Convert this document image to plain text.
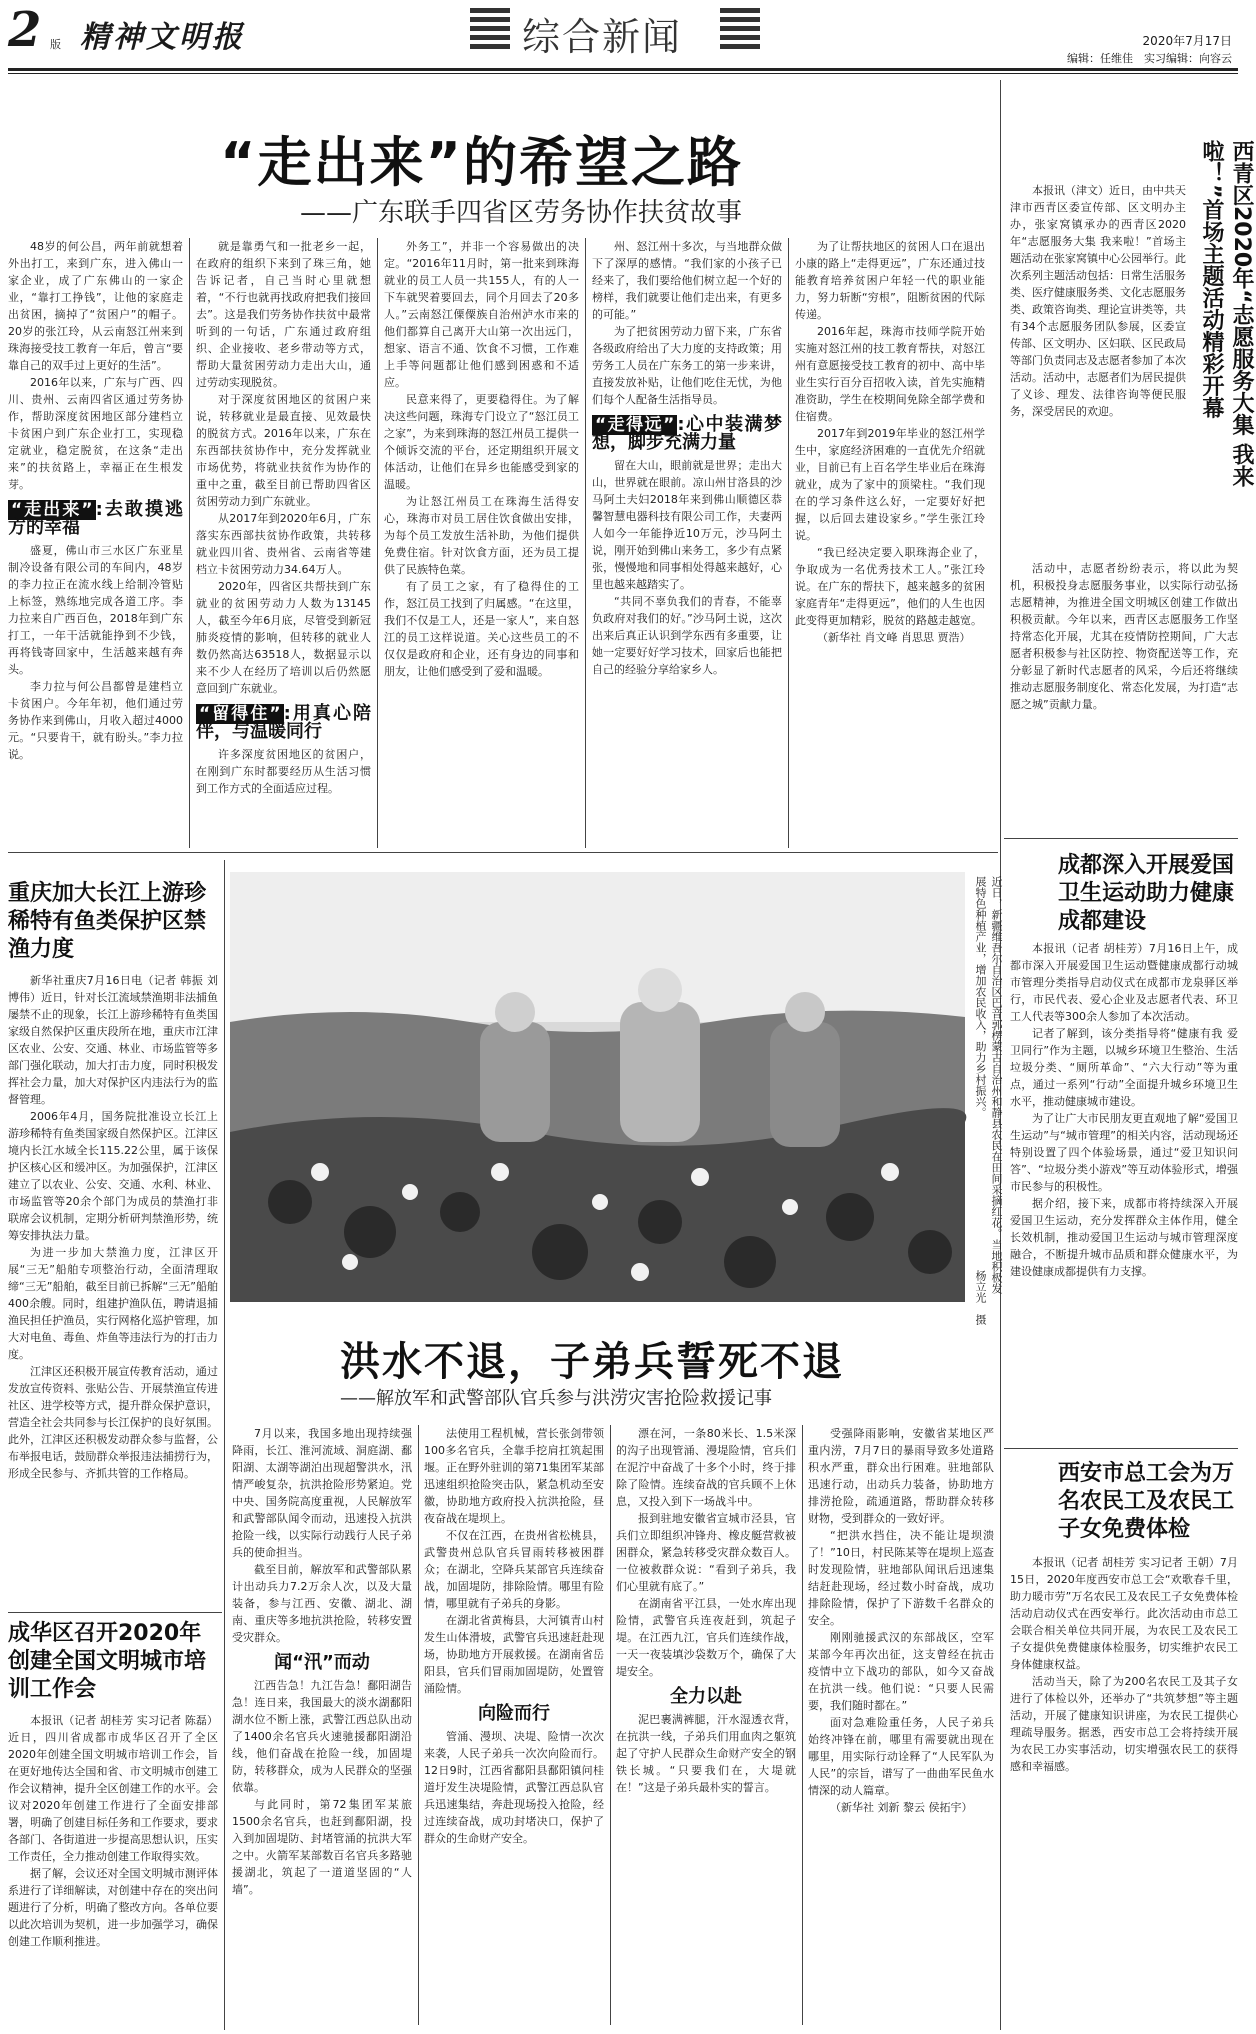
2 版 精神文明报	综合新闻	2020年7月17日
编辑：任维佳　实习编辑：向容云
“走出来”的希望之路
——广东联手四省区劳务协作扶贫故事

48岁的何公昌，两年前就想着外出打工，来到广东，进入佛山一家企业，成了广东佛山的一家企业，“靠打工挣钱”，让他的家庭走出贫困，摘掉了“贫困户”的帽子。20岁的张江玲，从云南怒江州来到珠海接受技工教育一年后，曾言“要靠自己的双手过上更好的生活”。

2016年以来，广东与广西、四川、贵州、云南四省区通过劳务协作，帮助深度贫困地区部分建档立卡贫困户到广东企业打工，实现稳定就业，稳定脱贫，在这条“走出来”的扶贫路上，幸福正在生根发芽。

“走出来” :去敢摸逃方的幸福

盛夏，佛山市三水区广东亚星制冷设备有限公司的车间内，48岁的李力拉正在流水线上给制冷管贴上标签，熟练地完成各道工序。李力拉来自广西百色，2018年到广东打工，一年干活就能挣到不少钱，再将钱寄回家中，生活越来越有奔头。

李力拉与何公昌都曾是建档立卡贫困户。今年年初，他们通过劳务协作来到佛山，月收入超过4000元。“只要肯干，就有盼头。”李力拉说。

就是靠勇气和一批老乡一起，在政府的组织下来到了珠三角，她告诉记者，自己当时心里就想着，“不行也就再找政府把我们接回去”。这是我们劳务协作扶贫中最常听到的一句话，广东通过政府组织、企业接收、老乡带动等方式，帮助大量贫困劳动力走出大山，通过劳动实现脱贫。

对于深度贫困地区的贫困户来说，转移就业是最直接、见效最快的脱贫方式。2016年以来，广东在东西部扶贫协作中，充分发挥就业市场优势，将就业扶贫作为协作的重中之重，截至目前已帮助四省区贫困劳动力到广东就业。

从2017年到2020年6月，广东落实东西部扶贫协作政策，共转移就业四川省、贵州省、云南省等建档立卡贫困劳动力34.64万人。

2020年，四省区共帮扶到广东就业的贫困劳动力人数为13145人，截至今年6月底，尽管受到新冠肺炎疫情的影响，但转移的就业人数仍然高达63518人，数据显示以来不少人在经历了培训以后仍然愿意回到广东就业。

“留得住” :用真心陪伴，与温暖同行

许多深度贫困地区的贫困户，在刚到广东时都要经历从生活习惯到工作方式的全面适应过程。

外务工”，并非一个容易做出的决定。“2016年11月时，第一批来到珠海就业的员工人员一共155人，有的人一下车就哭着要回去，同个月回去了20多人。”云南怒江傈僳族自治州泸水市来的他们都算自己离开大山第一次出远门，想家、语言不通、饮食不习惯，工作难上手等问题都让他们感到困惑和不适应。

民意来得了，更要稳得住。为了解决这些问题，珠海专门设立了“怒江员工之家”，为来到珠海的怒江州员工提供一个倾诉交流的平台，还定期组织开展文体活动，让他们在异乡也能感受到家的温暖。

为让怒江州员工在珠海生活得安心，珠海市对员工居住饮食做出安排，为每个员工发放生活补助，为他们提供免费住宿。针对饮食方面，还为员工提供了民族特色菜。

有了员工之家，有了稳得住的工作，怒江员工找到了归属感。“在这里，我们不仅是工人，还是一家人”，来自怒江的员工这样说道。关心这些员工的不仅仅是政府和企业，还有身边的同事和朋友，让他们感受到了爱和温暖。

州、怒江州十多次，与当地群众做下了深厚的感情。“我们家的小孩子已经来了，我们要给他们树立起一个好的榜样，我们就要让他们走出来，有更多的可能。”

为了把贫困劳动力留下来，广东省各级政府给出了大力度的支持政策；用劳务工人员在广东务工的第一步来讲，直接发放补贴，让他们吃住无忧，为他们每个人配备生活指导员。

“走得远” :心中装满梦想，脚步充满力量

留在大山，眼前就是世界；走出大山，世界就在眼前。凉山州甘洛县的沙马阿土夫妇2018年来到佛山顺德区恭馨智慧电器科技有限公司工作，夫妻两人如今一年能挣近10万元，沙马阿土说，刚开始到佛山来务工，多少有点紧张，慢慢地和同事相处得越来越好，心里也越来越踏实了。

“共同不辜负我们的青春，不能辜负政府对我们的好。”沙马阿土说，这次出来后真正认识到学东西有多重要，让她一定要好好学习技术，回家后也能把自己的经验分享给家乡人。

为了让帮扶地区的贫困人口在退出小康的路上“走得更远”，广东还通过技能教育培养贫困户年轻一代的职业能力，努力斩断“穷根”，阻断贫困的代际传递。

2016年起，珠海市技师学院开始实施对怒江州的技工教育帮扶，对怒江州有意愿接受技工教育的初中、高中毕业生实行百分百招收入读，首先实施精准资助，学生在校期间免除全部学费和住宿费。

2017年到2019年毕业的怒江州学生中，家庭经济困难的一直优先介绍就业，目前已有上百名学生毕业后在珠海就业，成为了家中的顶梁柱。“我们现在的学习条件这么好，一定要好好把握，以后回去建设家乡。”学生张江玲说。

“我已经决定要入职珠海企业了，争取成为一名优秀技术工人。”张江玲说。在广东的帮扶下，越来越多的贫困家庭青年“走得更远”，他们的人生也因此变得更加精彩，脱贫的路越走越宽。

（新华社 肖文峰 肖思思 贾浩）

西青区2020年“志愿服务大集 我来啦！”首场主题活动精彩开幕

本报讯（津文）近日，由中共天津市西青区委宣传部、区文明办主办，张家窝镇承办的西青区2020年“志愿服务大集 我来啦！”首场主题活动在张家窝镇中心公园举行。此次系列主题活动包括：日常生活服务类、医疗健康服务类、文化志愿服务类、政策咨询类、理论宣讲类等，共有34个志愿服务团队参展，区委宣传部、区文明办、区妇联、区民政局等部门负责同志及志愿者参加了本次活动。活动中，志愿者们为居民提供了义诊、理发、法律咨询等便民服务，深受居民的欢迎。

活动中，志愿者纷纷表示，将以此为契机，积极投身志愿服务事业，以实际行动弘扬志愿精神，为推进全国文明城区创建工作做出积极贡献。今年以来，西青区志愿服务工作坚持常态化开展，尤其在疫情防控期间，广大志愿者积极参与社区防控、物资配送等工作，充分彰显了新时代志愿者的风采，今后还将继续推动志愿服务制度化、常态化发展，为打造“志愿之城”贡献力量。

重庆加大长江上游珍稀特有鱼类保护区禁渔力度

新华社重庆7月16日电（记者 韩振 刘博伟）近日，针对长江流域禁渔期非法捕鱼屡禁不止的现象，长江上游珍稀特有鱼类国家级自然保护区重庆段所在地，重庆市江津区农业、公安、交通、林业、市场监管等多部门强化联动，加大打击力度，同时积极发挥社会力量，加大对保护区内违法行为的监督管理。

2006年4月，国务院批准设立长江上游珍稀特有鱼类国家级自然保护区。江津区境内长江水域全长115.22公里，属于该保护区核心区和缓冲区。为加强保护，江津区建立了以农业、公安、交通、水利、林业、市场监管等20余个部门为成员的禁渔打非联席会议机制，定期分析研判禁渔形势，统筹安排执法力量。

为进一步加大禁渔力度，江津区开展“三无”船舶专项整治行动，全面清理取缔“三无”船舶，截至目前已拆解“三无”船舶400余艘。同时，组建护渔队伍，聘请退捕渔民担任护渔员，实行网格化巡护管理，加大对电鱼、毒鱼、炸鱼等违法行为的打击力度。

江津区还积极开展宣传教育活动，通过发放宣传资料、张贴公告、开展禁渔宣传进社区、进学校等方式，提升群众保护意识，营造全社会共同参与长江保护的良好氛围。此外，江津区还积极发动群众参与监督，公布举报电话，鼓励群众举报违法捕捞行为，形成全民参与、齐抓共管的工作格局。

近日，新疆维吾尔自治区巴音郭楞蒙古自治州和静县农民在田间采摘红花。当地积极发展特色种植产业，增加农民收入，助力乡村振兴。
杨立光　摄
洪水不退，子弟兵誓死不退
——解放军和武警部队官兵参与洪涝灾害抢险救援记事

7月以来，我国多地出现持续强降雨，长江、淮河流域、洞庭湖、鄱阳湖、太湖等湖泊出现超警洪水，汛情严峻复杂，抗洪抢险形势紧迫。党中央、国务院高度重视，人民解放军和武警部队闻令而动，迅速投入抗洪抢险一线，以实际行动践行人民子弟兵的使命担当。

截至目前，解放军和武警部队累计出动兵力7.2万余人次，以及大量装备，参与江西、安徽、湖北、湖南、重庆等多地抗洪抢险，转移安置受灾群众。

闻“汛”而动

江西告急！九江告急！鄱阳湖告急！连日来，我国最大的淡水湖鄱阳湖水位不断上涨，武警江西总队出动了1400余名官兵火速驰援鄱阳湖沿线，他们奋战在抢险一线，加固堤防，转移群众，成为人民群众的坚强依靠。

与此同时，第72集团军某旅1500余名官兵，也赶到鄱阳湖，投入到加固堤防、封堵管涌的抗洪大军之中。火箭军某部数百名官兵多路驰援湖北，筑起了一道道坚固的“人墙”。

法使用工程机械，营长张剑带领100多名官兵，全靠手挖肩扛筑起围堰。正在野外驻训的第71集团军某部迅速组织抢险突击队，紧急机动至安徽，协助地方政府投入抗洪抢险，昼夜奋战在堤坝上。

不仅在江西，在贵州省松桃县，武警贵州总队官兵冒雨转移被困群众；在湖北，空降兵某部官兵连续奋战，加固堤防，排除险情。哪里有险情，哪里就有子弟兵的身影。

在湖北省黄梅县，大河镇青山村发生山体滑坡，武警官兵迅速赶赴现场，协助地方开展救援。在湖南省岳阳县，官兵们冒雨加固堤防，处置管涌险情。

向险而行

管涌、漫坝、决堤、险情一次次来袭，人民子弟兵一次次向险而行。12日9时，江西省鄱阳县鄱阳镇问桂道圩发生决堤险情，武警江西总队官兵迅速集结，奔赴现场投入抢险，经过连续奋战，成功封堵决口，保护了群众的生命财产安全。

漂在河，一条80米长、1.5米深的沟子出现管涌、漫堤险情，官兵们在泥泞中奋战了十多个小时，终于排除了险情。连续奋战的官兵顾不上休息，又投入到下一场战斗中。

报到驻地安徽省宣城市泾县，官兵们立即组织冲锋舟、橡皮艇营救被困群众，紧急转移受灾群众数百人。一位被救群众说：“看到子弟兵，我们心里就有底了。”

在湖南省平江县，一处水库出现险情，武警官兵连夜赶到，筑起子堤。在江西九江，官兵们连续作战，一天一夜装填沙袋数万个，确保了大堤安全。

全力以赴

泥巴裹满裤腿，汗水湿透衣背，在抗洪一线，子弟兵们用血肉之躯筑起了守护人民群众生命财产安全的钢铁长城。“只要我们在，大堤就在！”这是子弟兵最朴实的誓言。

受强降雨影响，安徽省某地区严重内涝，7月7日的暴雨导致多处道路积水严重，群众出行困难。驻地部队迅速行动，出动兵力装备，协助地方排涝抢险，疏通道路，帮助群众转移财物，受到群众的一致好评。

“把洪水挡住，决不能让堤坝溃了！”10日，村民陈某等在堤坝上巡查时发现险情，驻地部队闻讯后迅速集结赶赴现场，经过数小时奋战，成功排除险情，保护了下游数千名群众的安全。

刚刚驰援武汉的东部战区，空军某部今年再次出征，这支曾经在抗击疫情中立下战功的部队，如今又奋战在抗洪一线。他们说：“只要人民需要，我们随时都在。”

面对急难险重任务，人民子弟兵始终冲锋在前，哪里有需要就出现在哪里，用实际行动诠释了“人民军队为人民”的宗旨，谱写了一曲曲军民鱼水情深的动人篇章。

（新华社 刘新 黎云 侯拓宇）

成华区召开2020年创建全国文明城市培训工作会

本报讯（记者 胡桂芳 实习记者 陈磊）近日，四川省成都市成华区召开了全区2020年创建全国文明城市培训工作会，旨在更好地传达全国和省、市文明城市创建工作会议精神，提升全区创建工作的水平。会议对2020年创建工作进行了全面安排部署，明确了创建目标任务和工作要求，要求各部门、各街道进一步提高思想认识，压实工作责任，全力推动创建工作取得实效。

据了解，会议还对全国文明城市测评体系进行了详细解读，对创建中存在的突出问题进行了分析，明确了整改方向。各单位要以此次培训为契机，进一步加强学习，确保创建工作顺利推进。

成都深入开展爱国卫生运动助力健康成都建设

本报讯（记者 胡桂芳）7月16日上午，成都市深入开展爱国卫生运动暨健康成都行动城市管理分类指导启动仪式在成都市龙泉驿区举行，市民代表、爱心企业及志愿者代表、环卫工人代表等300余人参加了本次活动。

记者了解到，该分类指导将“健康有我 爱卫同行”作为主题，以城乡环境卫生整治、生活垃圾分类、“厕所革命”、“六大行动”等为重点，通过一系列“行动”全面提升城乡环境卫生水平，推动健康城市建设。

为了让广大市民朋友更直观地了解“爱国卫生运动”与“城市管理”的相关内容，活动现场还特别设置了四个体验场景，通过“爱卫知识问答”、“垃圾分类小游戏”等互动体验形式，增强市民参与的积极性。

据介绍，接下来，成都市将持续深入开展爱国卫生运动，充分发挥群众主体作用，健全长效机制，推动爱国卫生运动与城市管理深度融合，不断提升城市品质和群众健康水平，为建设健康成都提供有力支撑。

西安市总工会为万名农民工及农民工子女免费体检

本报讯（记者 胡桂芳 实习记者 王朝）7月15日，2020年度西安市总工会“欢歌春千里，助力暖市劳”万名农民工及农民工子女免费体检活动启动仪式在西安举行。此次活动由市总工会联合相关单位共同开展，为农民工及农民工子女提供免费健康体检服务，切实维护农民工身体健康权益。

活动当天，除了为200名农民工及其子女进行了体检以外，还举办了“共筑梦想”等主题活动，开展了健康知识讲座，为农民工提供心理疏导服务。据悉，西安市总工会将持续开展为农民工办实事活动，切实增强农民工的获得感和幸福感。
